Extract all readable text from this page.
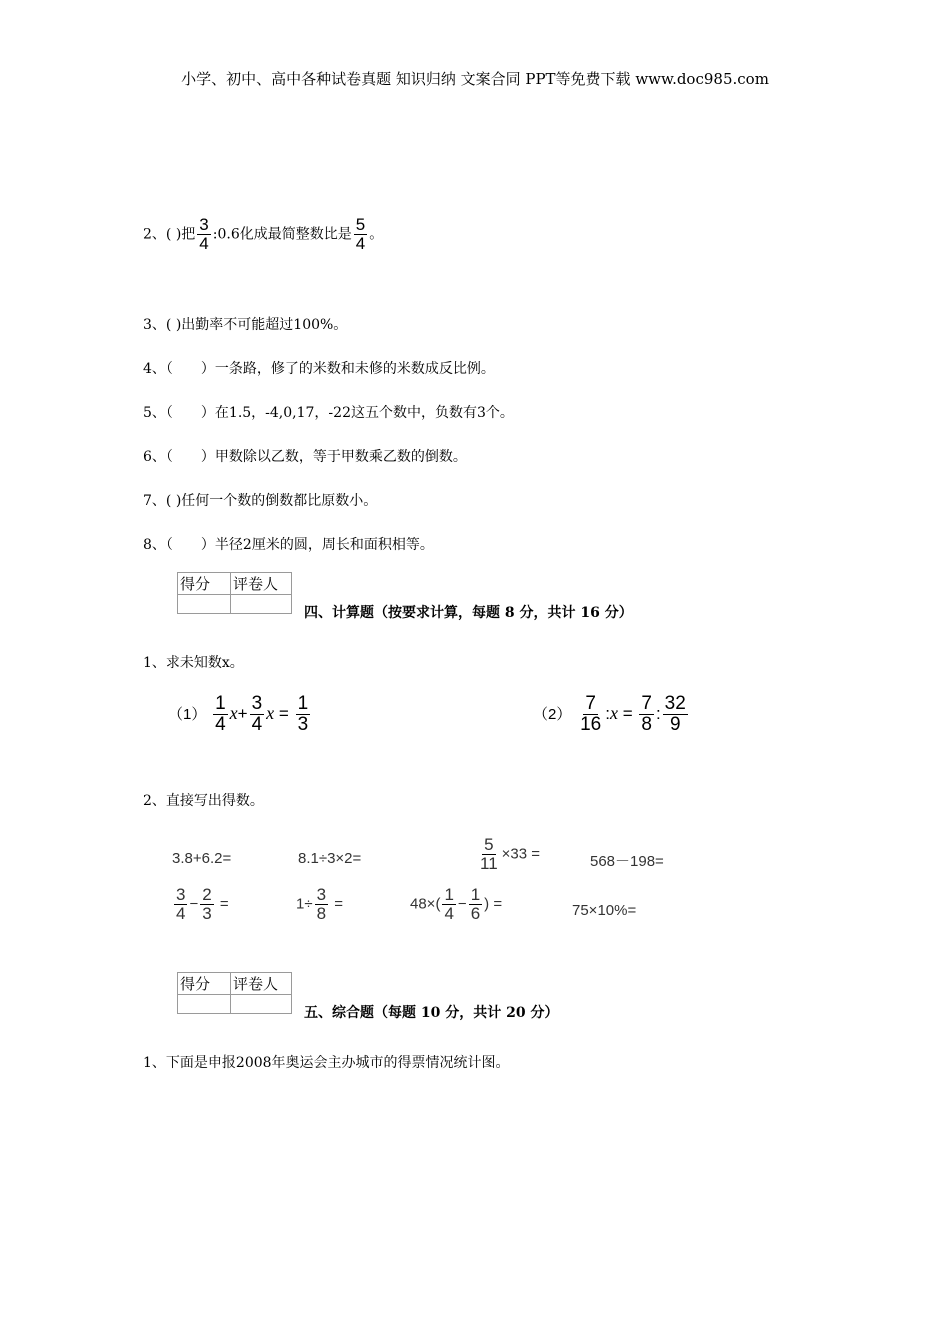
小学、初中、高中各种试卷真题 知识归纳 文案合同 PPT等免费下载 www.doc985.com
2、( )把 $\frac{3}{4}$ :0.6化成最简整数比是 $\frac{5}{4}$ 。
3、( )出勤率不可能超过100%。
4、（　　）一条路，修了的米数和未修的米数成反比例。
5、（　　）在1.5，-4,0,17，-22这五个数中，负数有3个。
6、（　　）甲数除以乙数，等于甲数乘乙数的倒数。
7、( )任何一个数的倒数都比原数小。
8、（　　）半径2厘米的圆，周长和面积相等。
得分	评卷人

四、计算题（按要求计算，每题 8 分，共计 16 分）
1、求未知数x。
$(1) \frac{1}{4} x+ \frac{3}{4}$ $x = \frac{1}{3}$	$(2) \frac{7}{16}$ :x = $\frac{7}{8}$ : $\frac{32}{9}$
2、直接写出得数。
3.8+6.2=	8.1÷3×2=	$\frac{5}{11} \times 33$ =	568－198=
$\frac{3}{4} - \frac{2}{3}$ =	$1\div \frac{3}{8}$ =	$48\times( \frac{1}{4} - \frac{1}{6}$ ) =	75×10%=
得分	评卷人

五、综合题（每题 10 分，共计 20 分）
1、下面是申报2008年奥运会主办城市的得票情况统计图。
